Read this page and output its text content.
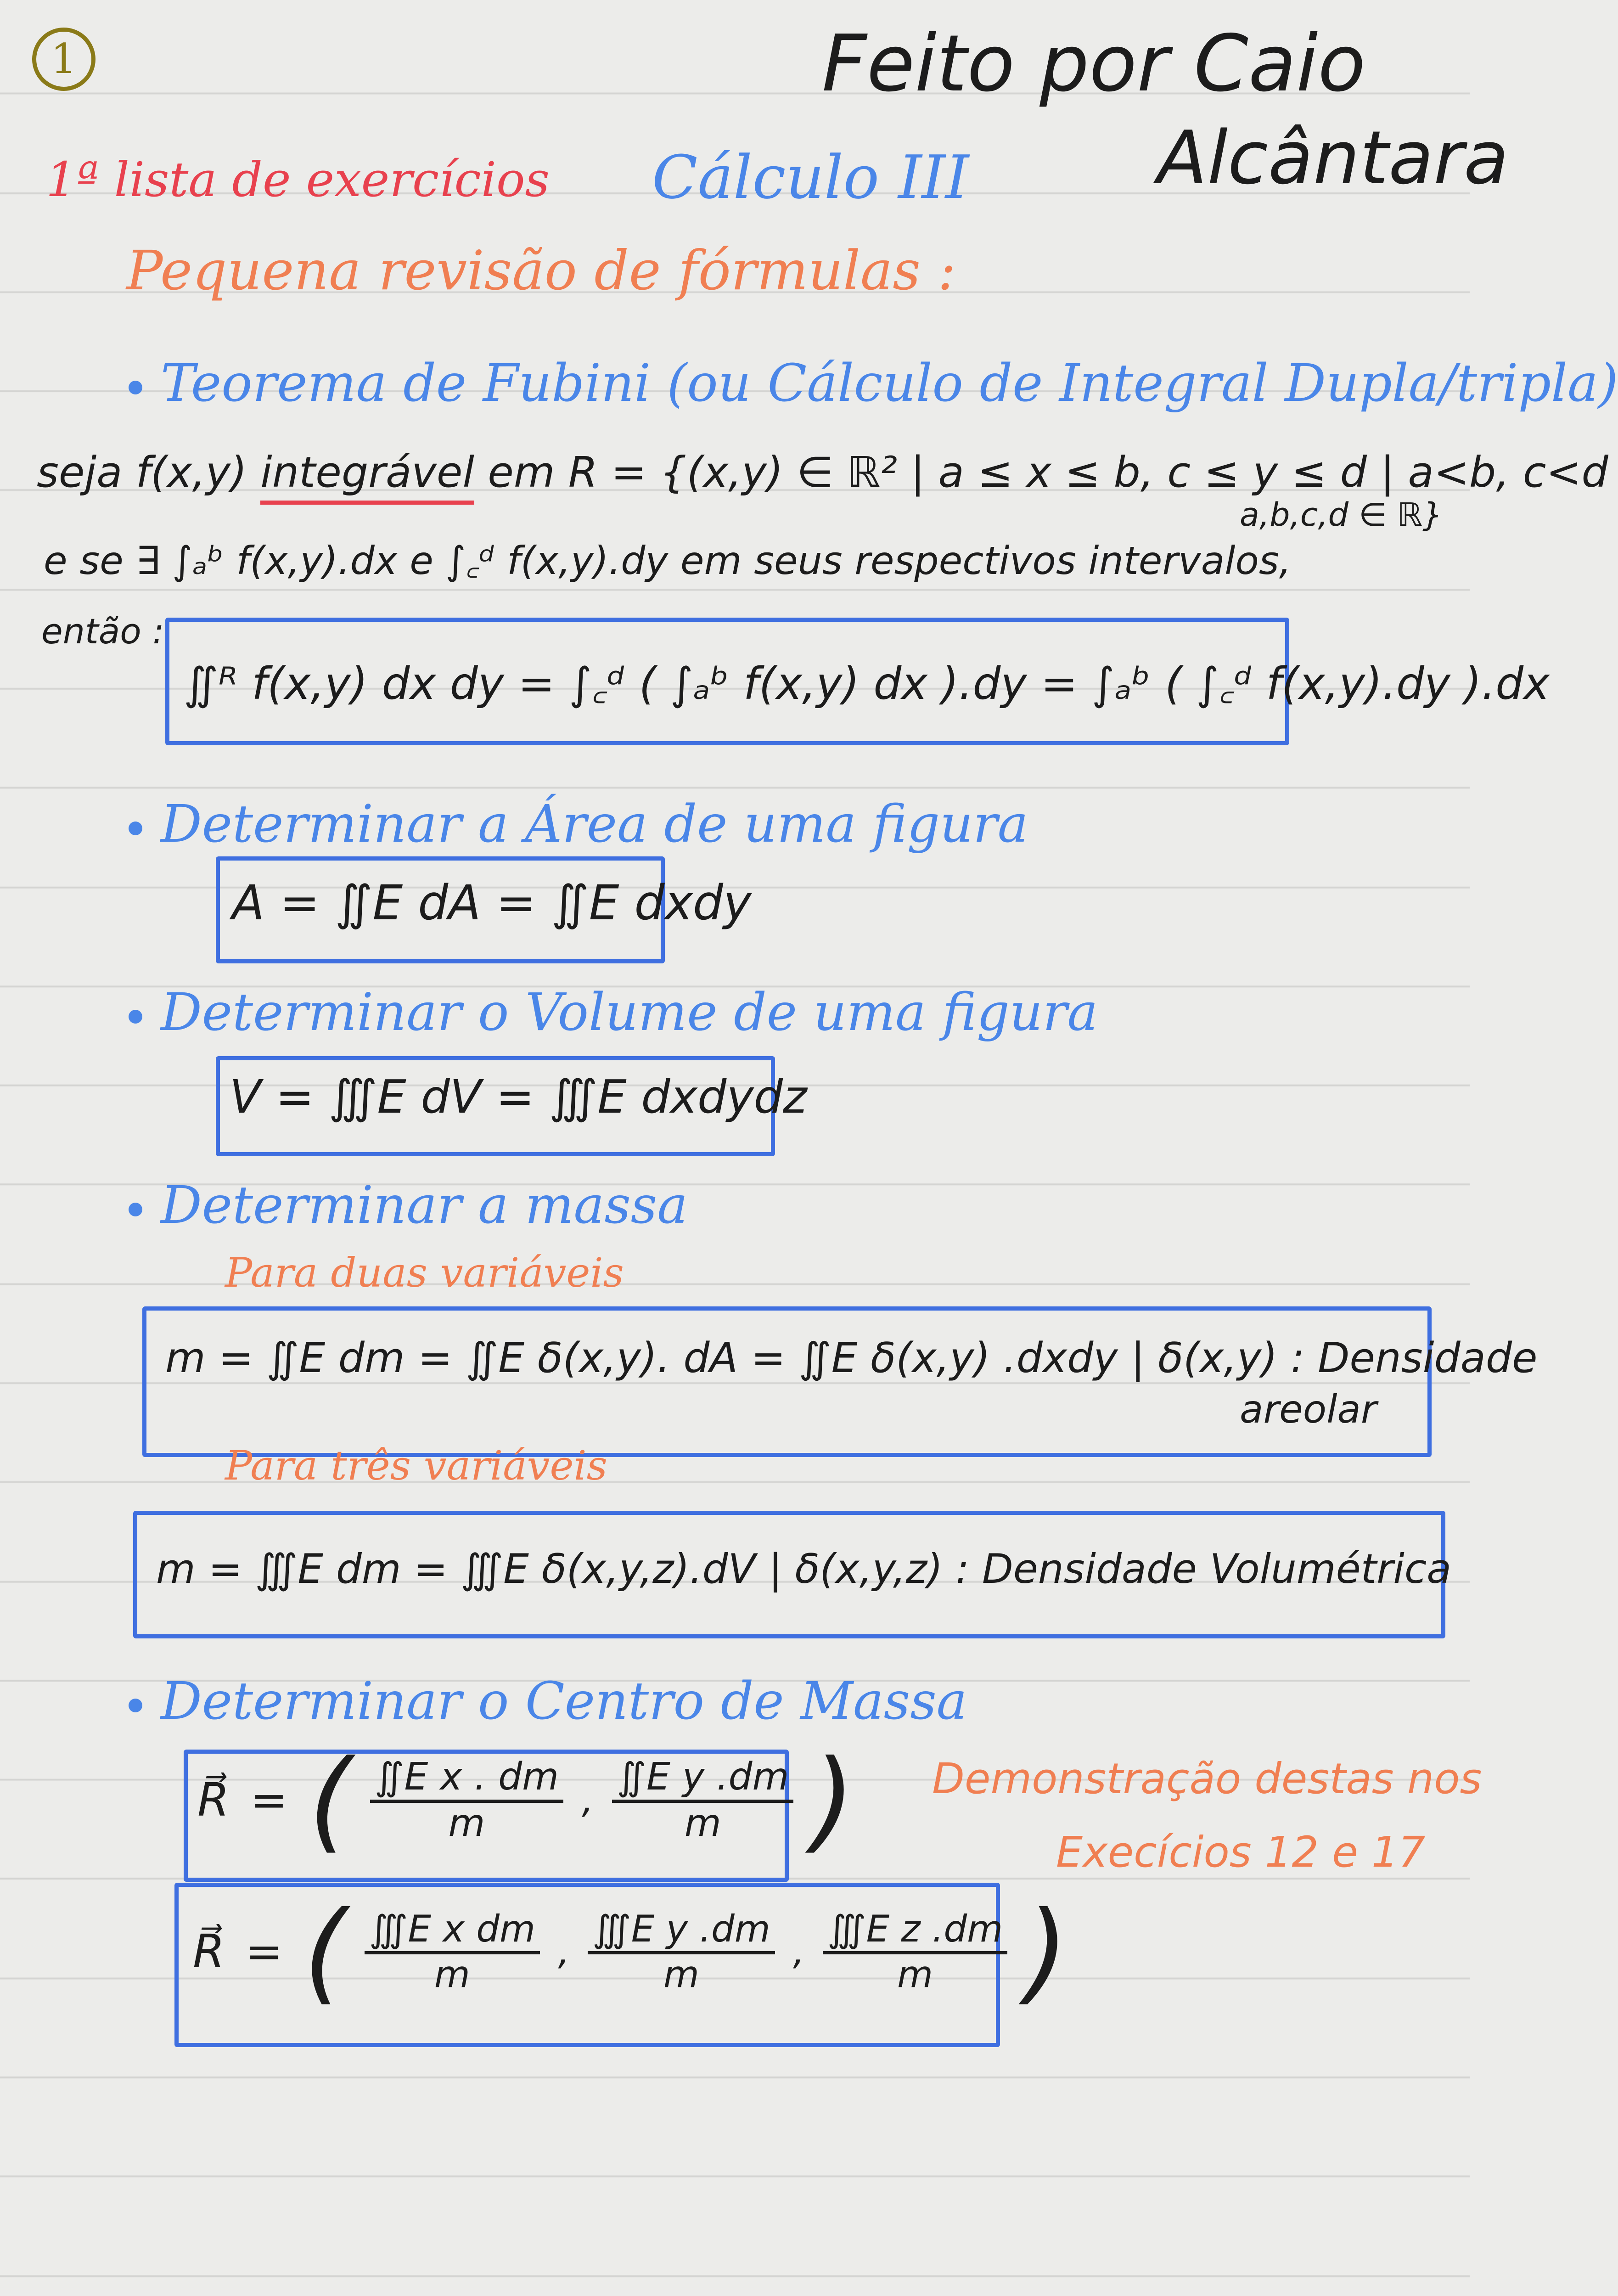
1	Feito por Caio
Alcântara
1ª lista de exercícios Cálculo III
Pequena revisão de fórmulas :
Teorema de Fubini (ou Cálculo de Integral Dupla/tripla)
seja f(x,y) integrável em R = {(x,y) ∈ ℝ² | a ≤ x ≤ b, c ≤ y ≤ d | a<b, c<d
a,b,c,d ∈ ℝ}
e se ∃ ∫ₐᵇ f(x,y).dx e ∫꜀ᵈ f(x,y).dy em seus respectivos intervalos,
então :
∬ᴿ f(x,y) dx dy = ∫꜀ᵈ ( ∫ₐᵇ f(x,y) dx ).dy = ∫ₐᵇ ( ∫꜀ᵈ f(x,y).dy ).dx
Determinar a Área de uma figura
A = ∬E dA = ∬E dxdy
Determinar o Volume de uma figura
V = ∭E dV = ∭E dxdydz
Determinar a massa
Para duas variáveis
m = ∬E dm = ∬E δ(x,y). dA = ∬E δ(x,y) .dxdy | δ(x,y) : Densidade
areolar
Para três variáveis
m = ∭E dm = ∭E δ(x,y,z).dV | δ(x,y,z) : Densidade Volumétrica
Determinar o Centro de Massa
R⃗ = ( $\frac{\text{∬E x . dm}}{m}$ , $\frac{\text{∬E y .dm}}{m}$ )
R⃗ = ( $\frac{\text{∭E x dm}}{m}$ , $\frac{\text{∭E y .dm}}{m}$ , $\frac{\text{∭E z .dm}}{m}$ )
Demonstração destas nos
Execícios 12 e 17
